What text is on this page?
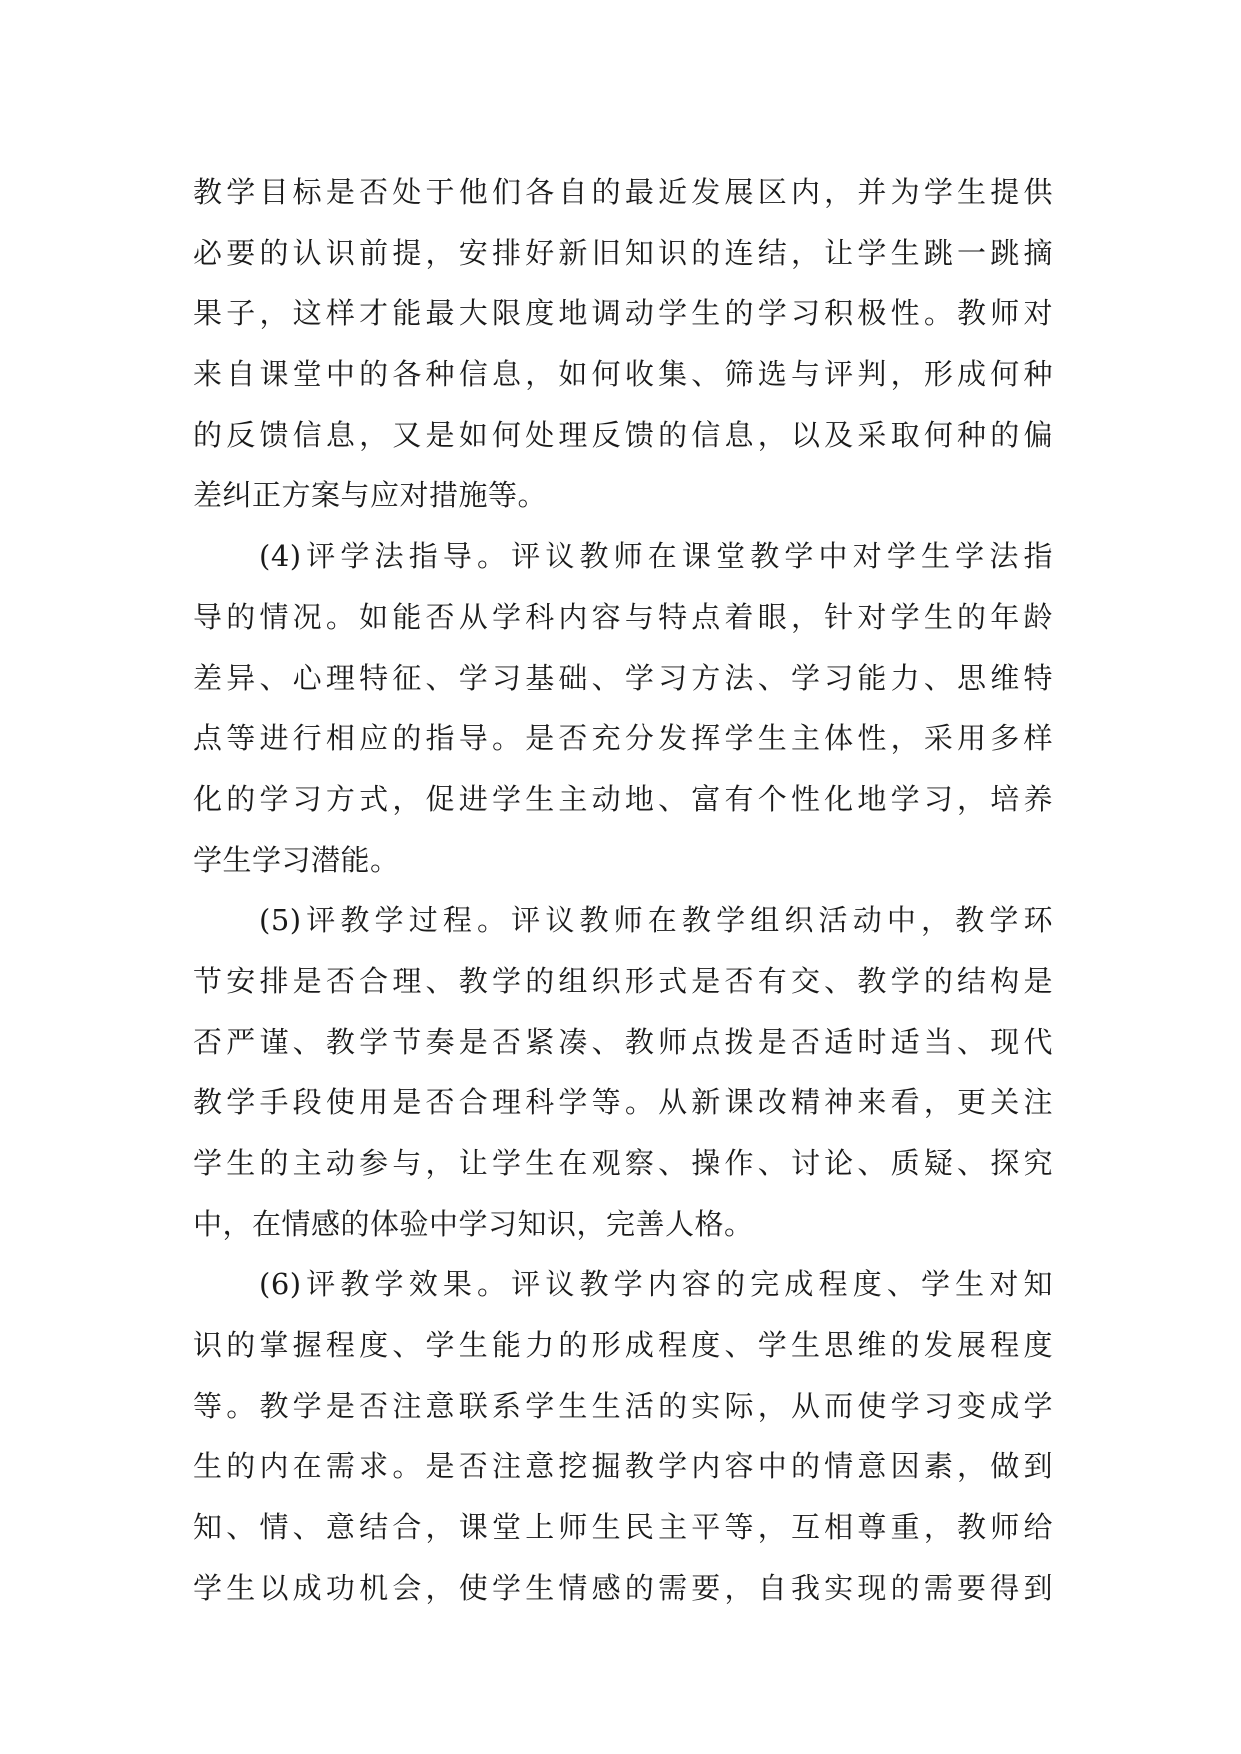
教学目标是否处于他们各自的最近发展区内，并为学生提供
必要的认识前提，安排好新旧知识的连结，让学生跳一跳摘
果子，这样才能最大限度地调动学生的学习积极性。教师对
来自课堂中的各种信息，如何收集、筛选与评判，形成何种
的反馈信息，又是如何处理反馈的信息，以及采取何种的偏
差纠正方案与应对措施等。
(4)评学法指导。评议教师在课堂教学中对学生学法指
导的情况。如能否从学科内容与特点着眼，针对学生的年龄
差异、心理特征、学习基础、学习方法、学习能力、思维特
点等进行相应的指导。是否充分发挥学生主体性，采用多样
化的学习方式，促进学生主动地、富有个性化地学习，培养
学生学习潜能。
(5)评教学过程。评议教师在教学组织活动中，教学环
节安排是否合理、教学的组织形式是否有交、教学的结构是
否严谨、教学节奏是否紧凑、教师点拨是否适时适当、现代
教学手段使用是否合理科学等。从新课改精神来看，更关注
学生的主动参与，让学生在观察、操作、讨论、质疑、探究
中，在情感的体验中学习知识，完善人格。
(6)评教学效果。评议教学内容的完成程度、学生对知
识的掌握程度、学生能力的形成程度、学生思维的发展程度
等。教学是否注意联系学生生活的实际，从而使学习变成学
生的内在需求。是否注意挖掘教学内容中的情意因素，做到
知、情、意结合，课堂上师生民主平等，互相尊重，教师给
学生以成功机会，使学生情感的需要，自我实现的需要得到
